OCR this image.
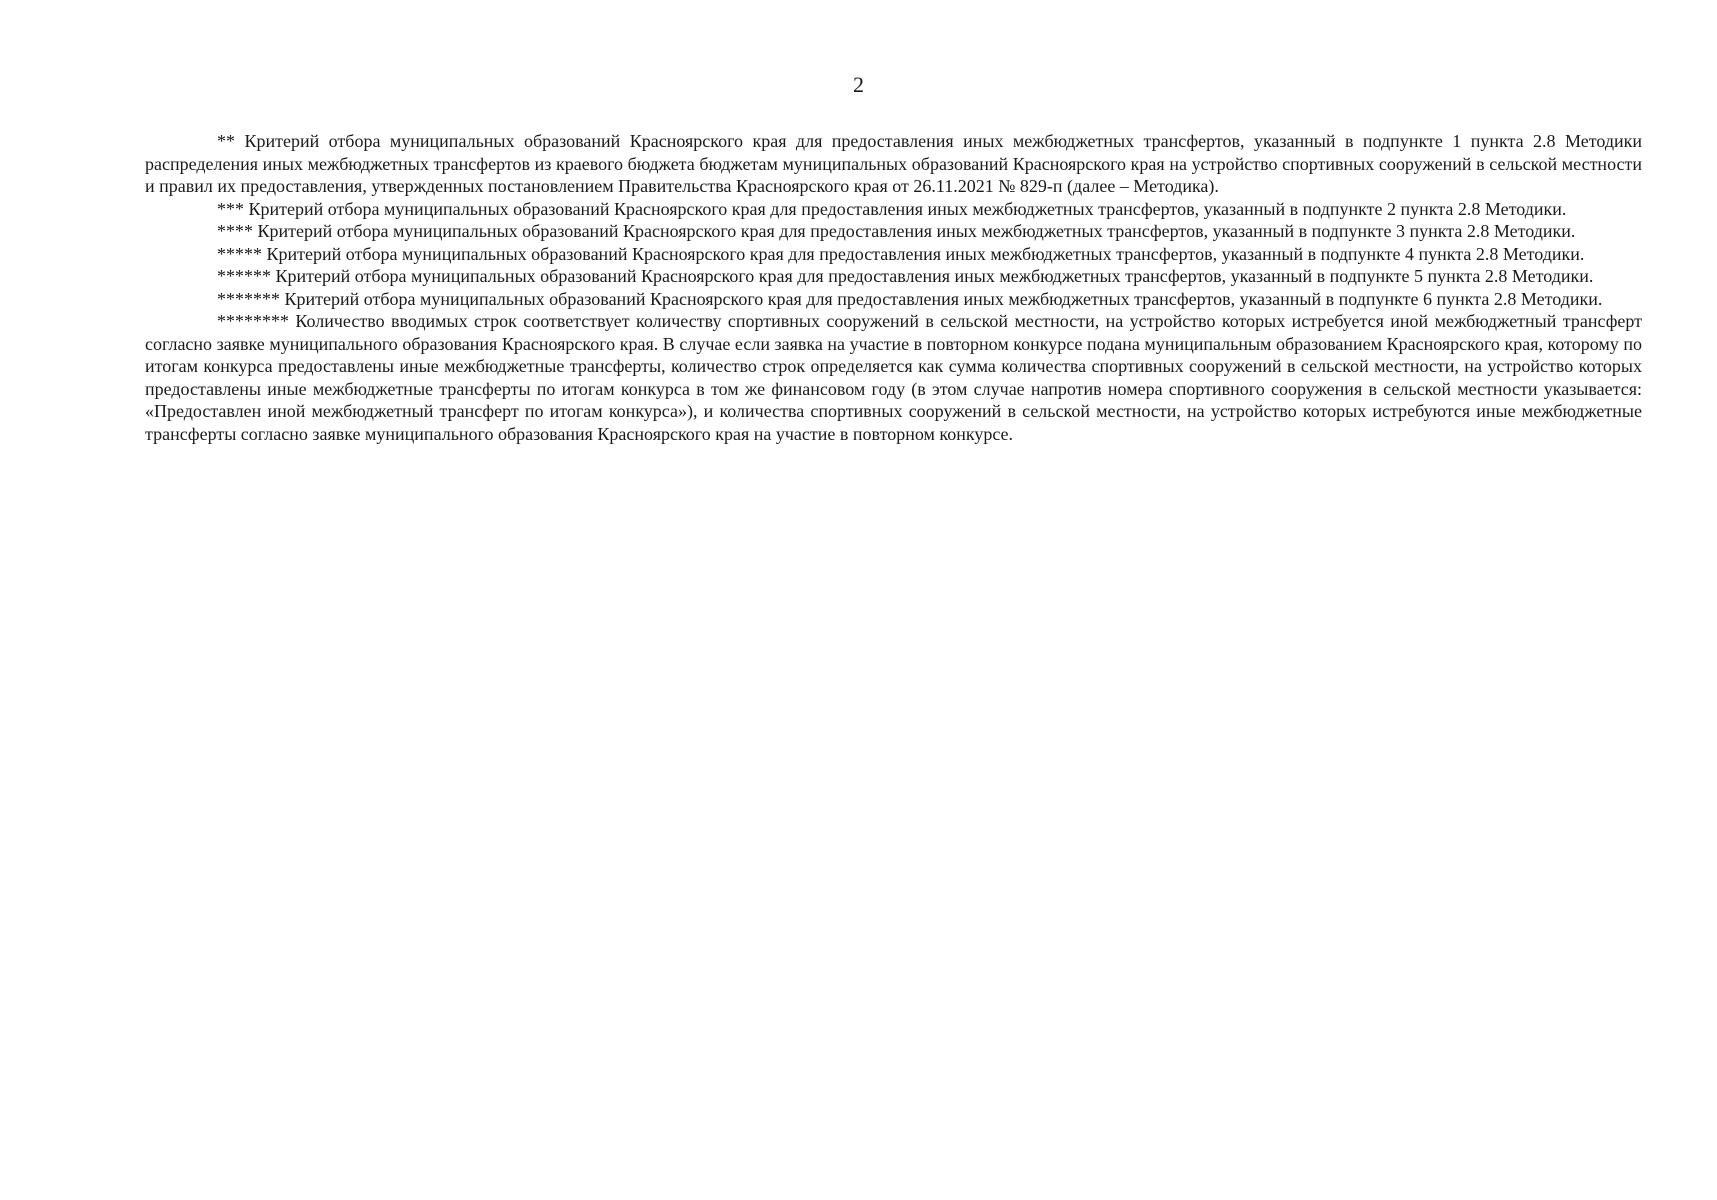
2

** Критерий отбора муниципальных образований Красноярского края для предоставления иных межбюджетных трансфертов, указанный в подпункте 1 пункта 2.8 Методики распределения иных межбюджетных трансфертов из краевого бюджета бюджетам муниципальных образований Красноярского края на устройство спортивных сооружений в сельской местности и правил их предоставления, утвержденных постановлением Правительства Красноярского края от 26.11.2021 № 829-п (далее – Методика).

*** Критерий отбора муниципальных образований Красноярского края для предоставления иных межбюджетных трансфертов, указанный в подпункте 2 пункта 2.8 Методики.

**** Критерий отбора муниципальных образований Красноярского края для предоставления иных межбюджетных трансфертов, указанный в подпункте 3 пункта 2.8 Методики.

***** Критерий отбора муниципальных образований Красноярского края для предоставления иных межбюджетных трансфертов, указанный в подпункте 4 пункта 2.8 Методики.

****** Критерий отбора муниципальных образований Красноярского края для предоставления иных межбюджетных трансфертов, указанный в подпункте 5 пункта 2.8 Методики.

******* Критерий отбора муниципальных образований Красноярского края для предоставления иных межбюджетных трансфертов, указанный в подпункте 6 пункта 2.8 Методики.

******** Количество вводимых строк соответствует количеству спортивных сооружений в сельской местности, на устройство которых истребуется иной межбюджетный трансферт согласно заявке муниципального образования Красноярского края. В случае если заявка на участие в повторном конкурсе подана муниципальным образованием Красноярского края, которому по итогам конкурса предоставлены иные межбюджетные трансферты, количество строк определяется как сумма количества спортивных сооружений в сельской местности, на устройство которых предоставлены иные межбюджетные трансферты по итогам конкурса в том же финансовом году (в этом случае напротив номера спортивного сооружения в сельской местности указывается: «Предоставлен иной межбюджетный трансферт по итогам конкурса»), и количества спортивных сооружений в сельской местности, на устройство которых истребуются иные межбюджетные трансферты согласно заявке муниципального образования Красноярского края на участие в повторном конкурсе.
